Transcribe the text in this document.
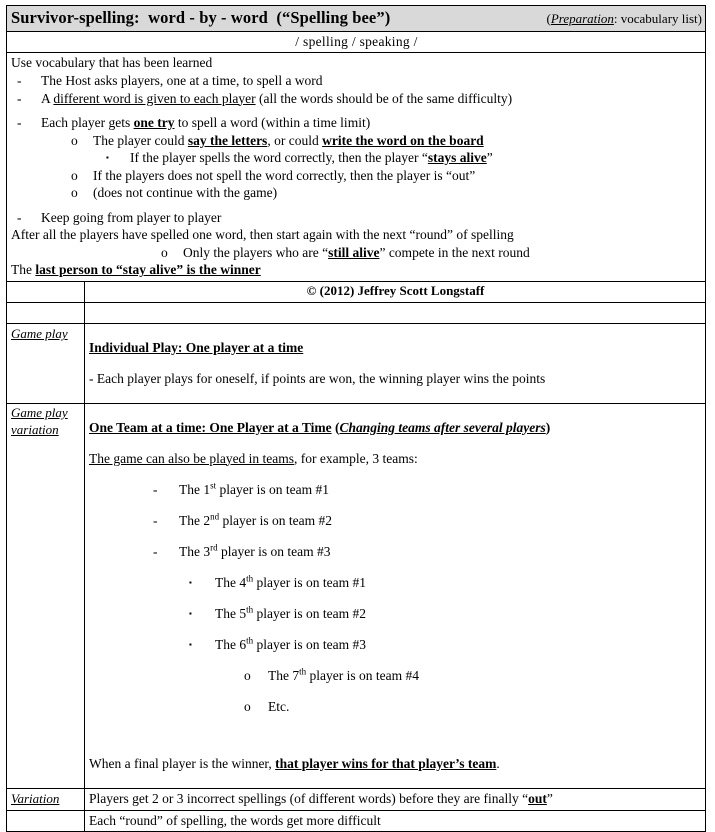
Survivor-spelling: word - by - word (“Spelling bee”) (Preparation: vocabulary list)	

/ spelling / speaking /	

Use vocabulary that has been learned

- The Host asks players, one at a time, to spell a word

- A different word is given to each player (all the words should be of the same difficulty)

- Each player gets one try to spell a word (within a time limit)

o The player could say the letters, or could write the word on the board

▪ If the player spells the word correctly, then the player “stays alive”

o If the players does not spell the word correctly, then the player is “out”

o (does not continue with the game)

- Keep going from player to player

After all the players have spelled one word, then start again with the next “round” of spelling

o Only the players who are “still alive” compete in the next round

The last person to “stay alive” is the winner

	© (2012) Jeffrey Scott Longstaff

Game play	Individual Play: One player at a time

- Each player plays for oneself, if points are won, the winning player wins the points

Game play
variation	One Team at a time: One Player at a Time (Changing teams after several players)

The game can also be played in teams, for example, 3 teams:

- The 1st player is on team #1

- The 2nd player is on team #2

- The 3rd player is on team #3

▪ The 4th player is on team #1

▪ The 5th player is on team #2

▪ The 6th player is on team #3

o The 7th player is on team #4

o Etc.

When a final player is the winner, that player wins for that player’s team.

Variation	Players get 2 or 3 incorrect spellings (of different words) before they are finally “out”
	Each “round” of spelling, the words get more difficult
